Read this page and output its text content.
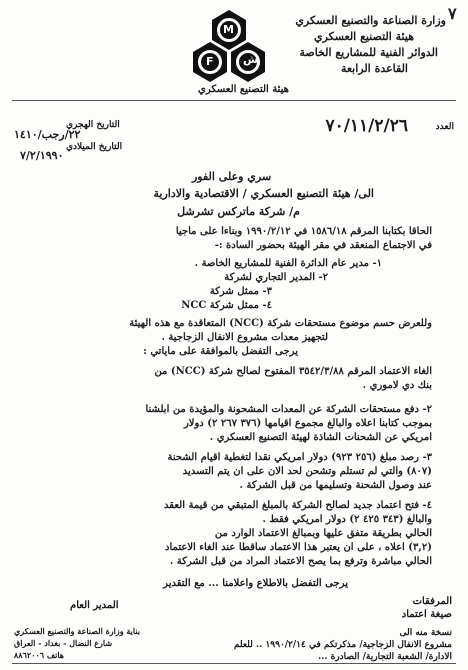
٧
وزارة الصناعة والتصنيع العسكري
هيئة التصنيع العسكري
الدوائر الفنية للمشاريع الخاصة
القاعدة الرابعة
M
F	ش
هيئة التصنيع العسكري
العدد
٧٠/١١/٢/٢٦
التاريخ الهجري
٢٢/رجب/١٤١٠
التاريخ الميلادي
٧/٢/١٩٩٠
سري وعلى الفور
الى/ هيئة التصنيع العسكري / الاقتصادية والادارية
م/ شركة ماتركس تشرشل
الحاقا بكتابنا المرقم ١٥٨٦/١٨ في ١٩٩٠/٢/١٢ وبناءا على ماجيا
في الاجتماع المنعقد في مقر الهيئة بحضور السادة :-
١- مدير عام الدائرة الفنية للمشاريع الخاصة .
٢- المدير التجاري لشركة
٣- ممثل شركة
٤- ممثل شركة NCC
وللعرض حسم موضوع مستحقات شركة (NCC) المتعاقدة مع هذه الهيئة
لتجهيز معدات مشروع الانفال الزجاجية .
يرجى التفضل بالموافقة على ماياتي :
الغاء الاعتماد المرقم ٣٥٤٢/٣/٨٨ المفتوح لصالح شركة (NCC) من
بنك دي لاموري .
٢- دفع مستحقات الشركة عن المعدات المشحونة والمؤيدة من ابلشنا
بموجب كتابنا اعلاه والبالغ مجموع اقيامها (٣٧٦ ٢٦٧ ٢) دولار
امريكي عن الشحنات الشاذة لهيئة التصنيع العسكري .
٣- رصد مبلغ (٢٥٦ ٩٢٣) دولار امريكي نقدا لتغطية اقيام الشحنة
(٨٠٧) والتي لم تستلم وتشحن لحد الان على ان يتم التسديد
عند وصول الشحنة وتسليمها من قبل الشركة .
٤- فتح اعتماد جديد لصالح الشركة بالمبلغ المتبقي من قيمة العقد
والبالغ (٣٤٣ ٤٢٥ ٢) دولار امريكي فقط .
الحالي بطريقة متفق عليها وبمبالغ الاعتماد الوارد من
(٣,٢) اعلاه ، على ان يعتبر هذا الاعتماد ساقطا عند الغاء الاعتماد
الحالي مباشرة وترفع بما يصح الاعتماد المراد من قبل الشركة .
يرجى التفضل بالاطلاع واعلامنا ... مع التقدير
المرفقات
صيغة اعتماد
المدير العام
نسخة منه الى
مشروع الانفال الزجاجية/ مذكرتكم في ١٩٩٠/٢/١٤ .. للعلم
الادارة/ الشعبة التجارية/ الصادرة ...
بناية وزارة الصناعة والتصنيع العسكري
شارع النضال - بغداد - العراق
هاتف ٨٨٦٢٠٠٦
